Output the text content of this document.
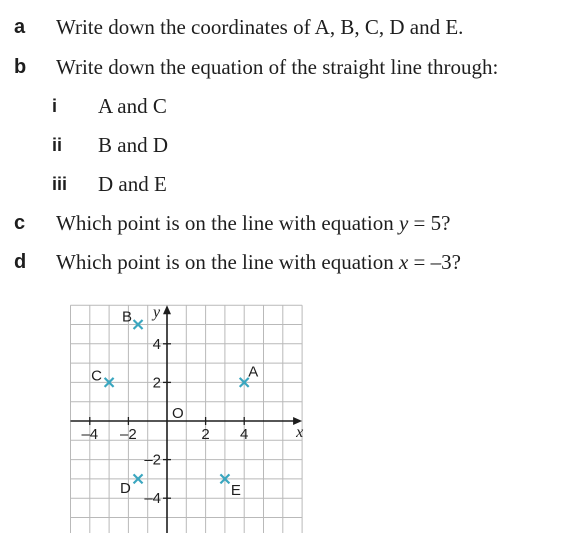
a	Write down the coordinates of A, B, C, D and E.
b	Write down the equation of the straight line through:
i	A and C
ii	B and D
iii	D and E
c	Which point is on the line with equation y = 5?
d	Which point is on the line with equation x = –3?
–4 –2	2 4
4
2
–2
–4
O
x
y
A
B
C
D	E
